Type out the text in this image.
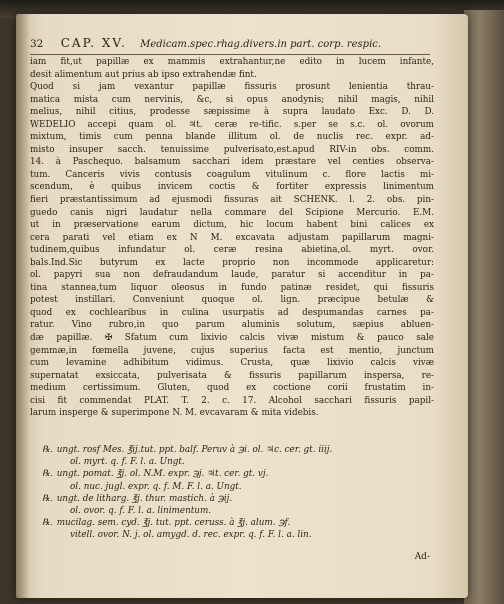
32 CAP. XV. Medicam.spec.rhag.divers.in part. corp. respic.
iam fit,ut papillæ ex mammis extrahantur,ne edito in lucem infante,
desit alimentum aut prius ab ipso extrahendæ fint.
Quod si jam vexantur papillæ fissuris prosunt lenientia thrau-
matica mista cum nervinis, &c, si opus anodynis; nihil magis, nihil
melius, nihil citius, prodesse sæpissime à supra laudato Exc. D. D.
WEDELIO accepi quam ol. ♃t. ceræ re-tific. s.per se s.c. ol. ovorum
mixtum, timis cum penna blande illitum ol. de nuclis rec. expr. ad-
misto insuper sacch. tenuissime pulverisato,est.apud RIV-in obs. comm.
14. à Paschequo. balsamum sacchari idem præstare vel centies observa-
tum. Canceris vivis contusis coagulum vitulinum c. flore lactis mi-
scendum, è quibus invicem coctis & fortiter expressis linimentum
fieri præstantissimum ad ejusmodi fissuras ait SCHENK. l. 2. obs. pin-
guedo canis nigri laudatur nella commare del Scipione Mercurio. E.M.
ut in præservatione earum dictum, hic locum habent bini calices ex
cera parati vel etiam ex N M. excavata adjustam papillarum magni-
tudinem,quibus infundatur ol. ceræ resina abietina,ol. myrt. ovor.
bals.Ind.Sic butyrum ex lacte proprio non incommode applicaretur:
ol. papyri sua non defraudandum laude, paratur si accenditur in pa-
tina stannea,tum liquor oleosus in fundo patinæ residet, qui fissuris
potest instillari. Conveniunt quoque ol. lign. præcipue betulæ &
quod ex cochlearibus in culina usurpatis ad despumandas carnes pa-
ratur. Vino rubro,in quo parum aluminis solutum, sæpius abluen-
dæ papillæ. ✠ Sfatum cum lixivio calcis vivæ mistum & pauco sale
gemmæ,in fœmella juvene, cujus superius facta est mentio, junctum
cum levamine adhibitum vidimus. Crusta, quæ lixivio calcis vivæ
supernatat exsiccata, pulverisata & fissuris papillarum inspersa, re-
medium certissimum. Gluten, quod ex coctione corii frustatim in-
cisi fit commendat PLAT. T. 2. c. 17. Alcohol sacchari fissuris papil-
larum insperge & superimpone N. M. evcavaram & mita videbis.
℞. ungt. rosf Mes. ℥ij.tut. ppt. balf. Peruv à ℈i. ol. ♃c. cer. gt. iiij.
ol. myrt. q. f. F. l. a. Ungt.
℞. ungt. pomat. ℥j. ol. N.M. expr. ℈j. ♃t. cer. gt. vj.
ol. nuc. jugl. expr. q. f. M. F. l. a. Ungt.
℞. ungt. de litharg. ℥j. thur. mastich. à ℈ij.
ol. ovor. q. f. F. l. a. linimentum.
℞. mucilag. sem. cyd. ℥j. tut. ppt. ceruss. à ℥j. alum. ℈f.
vitell. ovor. N. j. ol. amygd. d. rec. expr. q. f. F. l. a. lin.
Ad-
